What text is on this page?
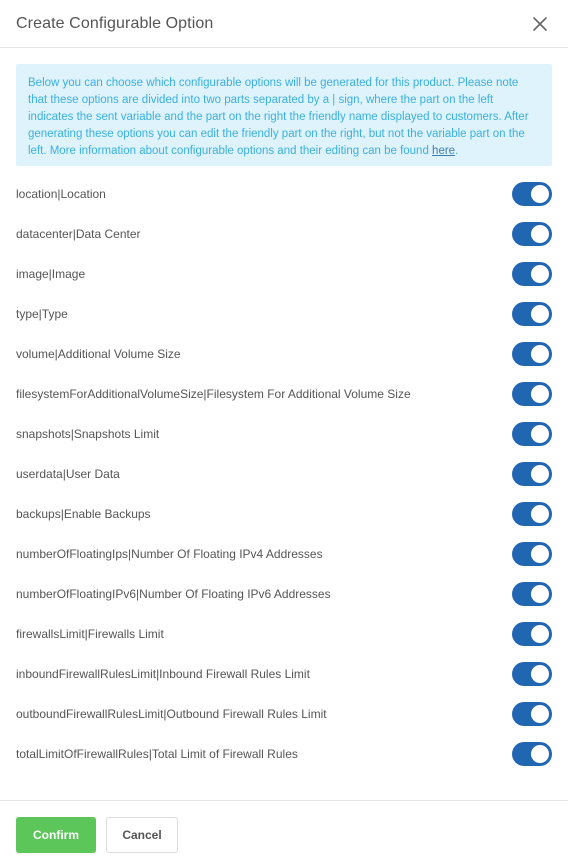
Create Configurable Option
Below you can choose which configurable options will be generated for this product. Please note that these options are divided into two parts separated by a | sign, where the part on the left indicates the sent variable and the part on the right the friendly name displayed to customers. After generating these options you can edit the friendly part on the right, but not the variable part on the left. More information about configurable options and their editing can be found here.
location|Location
datacenter|Data Center
image|Image
type|Type
volume|Additional Volume Size
filesystemForAdditionalVolumeSize|Filesystem For Additional Volume Size
snapshots|Snapshots Limit
userdata|User Data
backups|Enable Backups
numberOfFloatingIps|Number Of Floating IPv4 Addresses
numberOfFloatingIPv6|Number Of Floating IPv6 Addresses
firewallsLimit|Firewalls Limit
inboundFirewallRulesLimit|Inbound Firewall Rules Limit
outboundFirewallRulesLimit|Outbound Firewall Rules Limit
totalLimitOfFirewallRules|Total Limit of Firewall Rules
Confirm	Cancel
